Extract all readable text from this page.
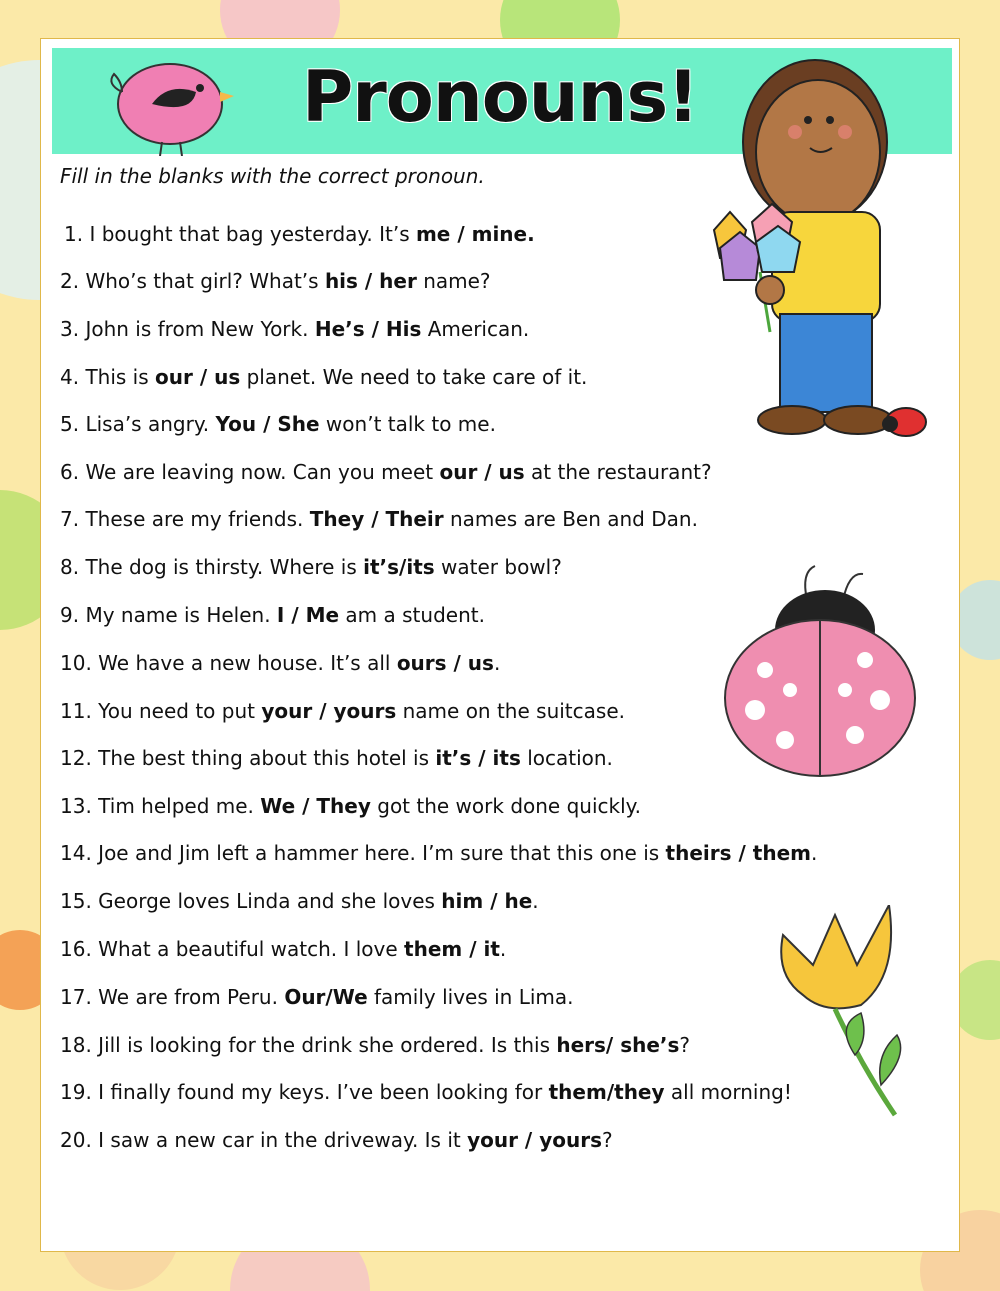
Pronouns!
Fill in the blanks with the correct pronoun.
1. I bought that bag yesterday. It’s me / mine.
2. Who’s that girl? What’s his / her name?
3. John is from New York. He’s / His American.
4. This is our / us planet. We need to take care of it.
5. Lisa’s angry. You / She won’t talk to me.
6. We are leaving now. Can you meet our / us at the restaurant?
7. These are my friends. They / Their names are Ben and Dan.
8. The dog is thirsty. Where is it’s/its water bowl?
9. My name is Helen. I / Me am a student.
10. We have a new house. It’s all ours / us.
11. You need to put your / yours name on the suitcase.
12. The best thing about this hotel is it’s / its location.
13. Tim helped me. We / They got the work done quickly.
14. Joe and Jim left a hammer here. I’m sure that this one is theirs / them.
15. George loves Linda and she loves him / he.
16. What a beautiful watch. I love them / it.
17. We are from Peru. Our/We family lives in Lima.
18. Jill is looking for the drink she ordered. Is this hers/ she’s?
19. I finally found my keys. I’ve been looking for them/they all morning!
20. I saw a new car in the driveway. Is it your / yours?
